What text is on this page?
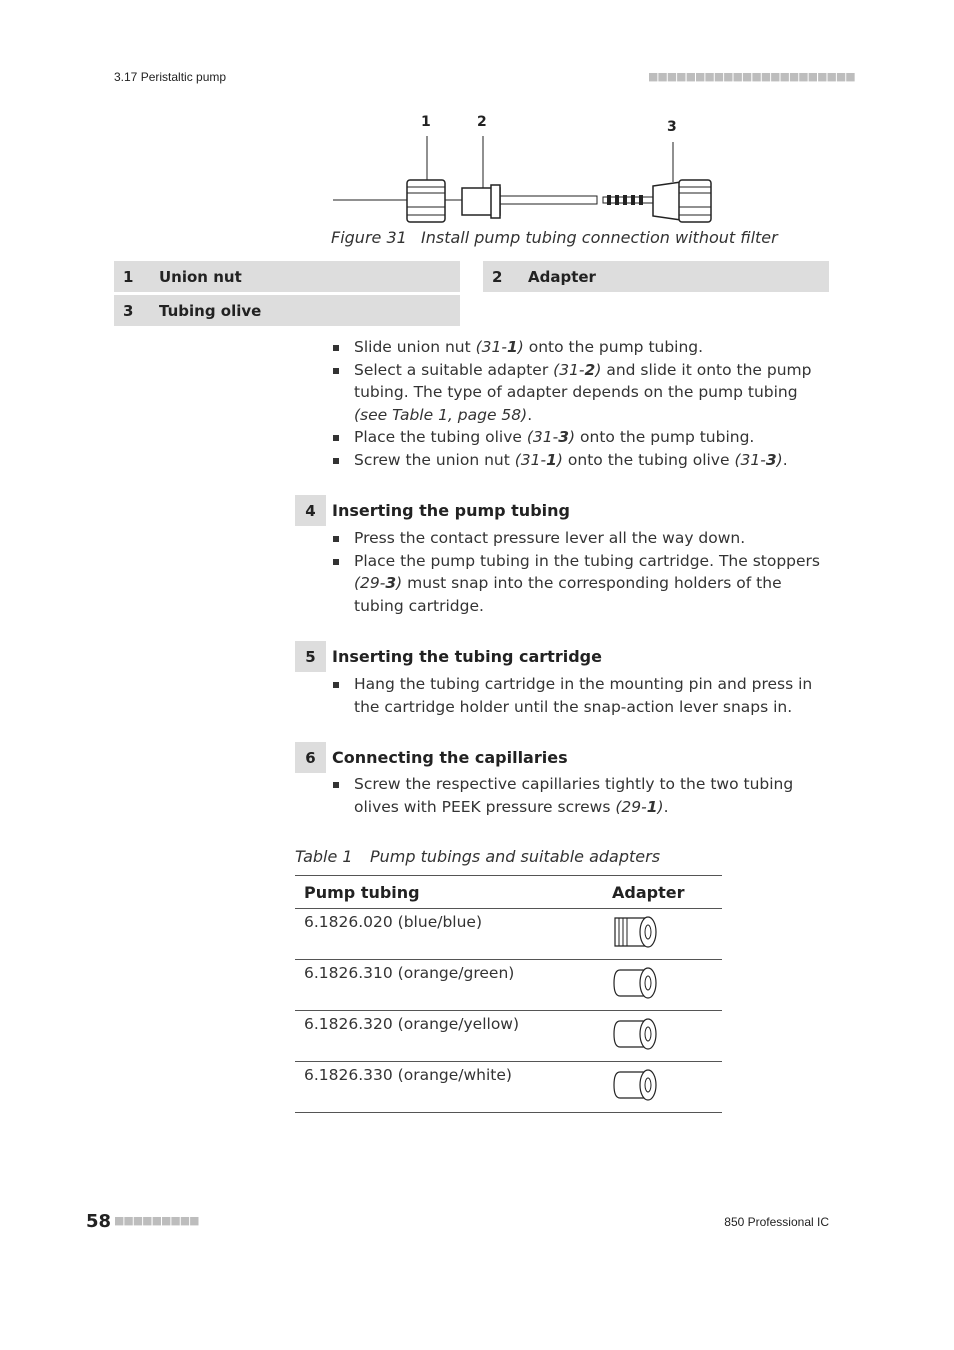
3.17 Peristaltic pump	■■■■■■■■■■■■■■■■■■■■■■
1	2	3
Figure 31 Install pump tubing connection without filter
1	Union nut	2	Adapter
3	Tubing olive
Slide union nut (31-1) onto the pump tubing.
Select a suitable adapter (31-2) and slide it onto the pump tubing. The type of adapter depends on the pump tubing (see Table 1, page 58).
Place the tubing olive (31-3) onto the pump tubing.
Screw the union nut (31-1) onto the tubing olive (31-3).
4	Inserting the pump tubing
Press the contact pressure lever all the way down.
Place the pump tubing in the tubing cartridge. The stoppers (29-3) must snap into the corresponding holders of the tubing cartridge.
5	Inserting the tubing cartridge
Hang the tubing cartridge in the mounting pin and press in the cartridge holder until the snap-action lever snaps in.
6	Connecting the capillaries
Screw the respective capillaries tightly to the two tubing olives with PEEK pressure screws (29-1).
Table 1 Pump tubings and suitable adapters
Pump tubing	Adapter
6.1826.020 (blue/blue)	
6.1826.310 (orange/green)	
6.1826.320 (orange/yellow)	
6.1826.330 (orange/white)	
58 ■■■■■■■■■	850 Professional IC
